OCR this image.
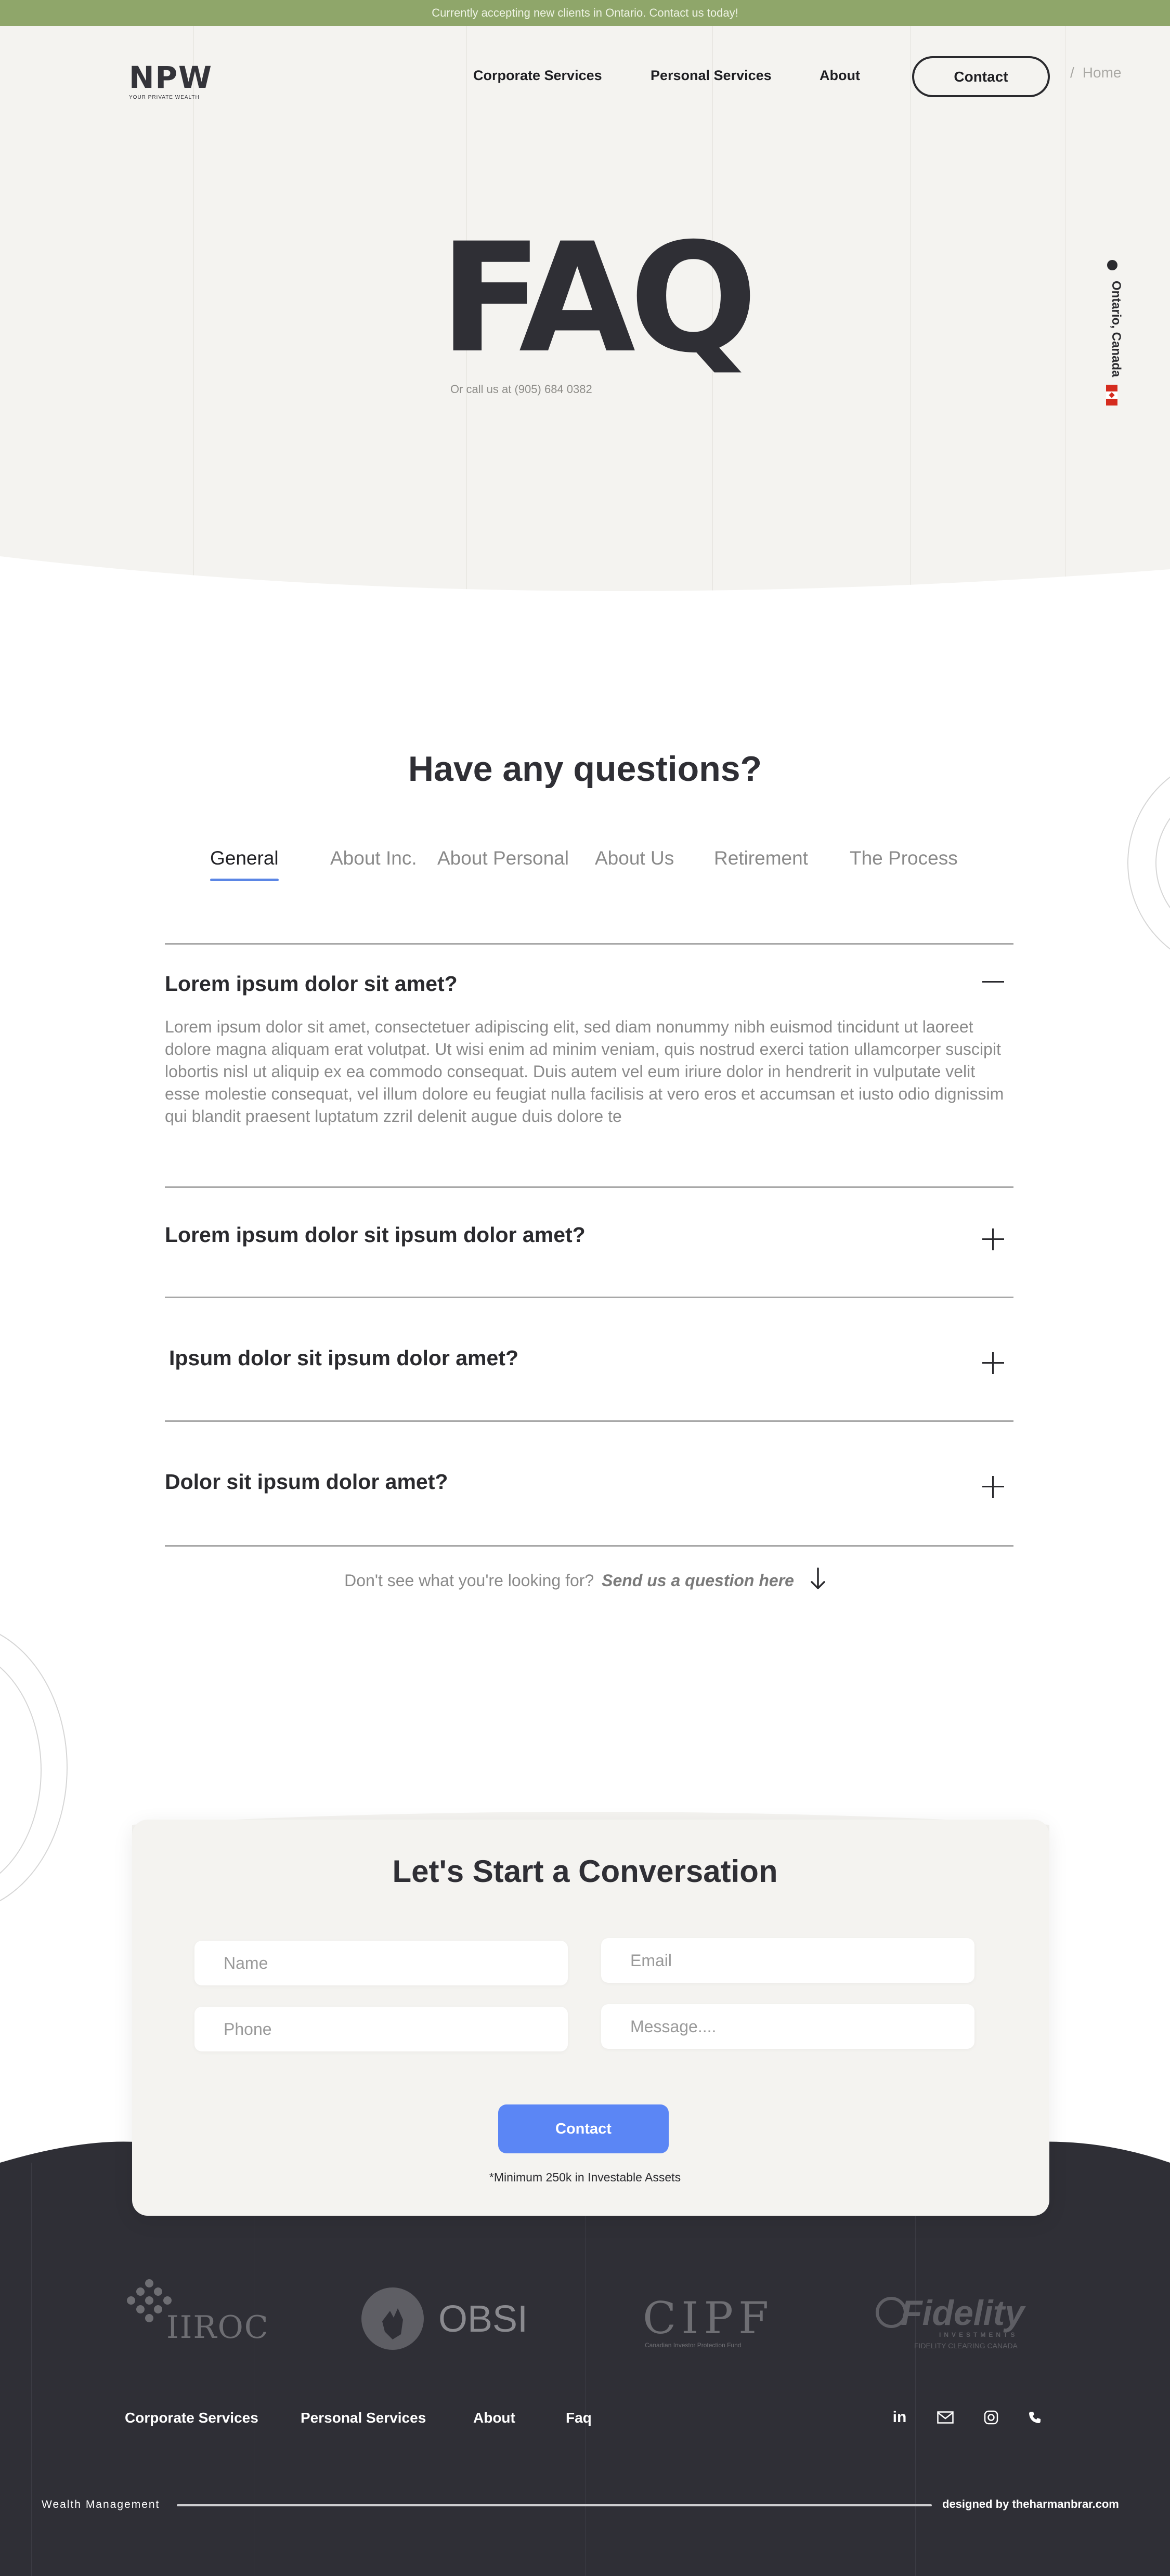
Currently accepting new clients in Ontario. Contact us today!
NPW
YOUR PRIVATE WEALTH
Corporate Services	Personal Services	About	Contact	/ Home
FAQ
Or call us at (905) 684 0382
Ontario, Canada
Have any questions?
General	About Inc. About Personal About Us Retirement The Process
Lorem ipsum dolor sit amet?
Lorem ipsum dolor sit amet, consectetuer adipiscing elit, sed diam nonummy nibh euismod tincidunt ut laoreet dolore magna aliquam erat volutpat. Ut wisi enim ad minim veniam, quis nostrud exerci tation ullamcorper suscipit lobortis nisl ut aliquip ex ea commodo consequat. Duis autem vel eum iriure dolor in hendrerit in vulputate velit esse molestie consequat, vel illum dolore eu feugiat nulla facilisis at vero eros et accumsan et iusto odio dignissim qui blandit praesent luptatum zzril delenit augue duis dolore te
Lorem ipsum dolor sit ipsum dolor amet?
Ipsum dolor sit ipsum dolor amet?
Dolor sit ipsum dolor amet?
Don't see what you're looking for? Send us a question here
Let's Start a Conversation
Name
Email
Phone
Message....
Contact
*Minimum 250k in Investable Assets
IIROC	OBSI	CIPF
Canadian Investor Protection Fund
Fidelity
INVESTMENTS
FIDELITY CLEARING CANADA
Corporate Services	Personal Services	About	Faq	in
Wealth Management	designed by theharmanbrar.com
